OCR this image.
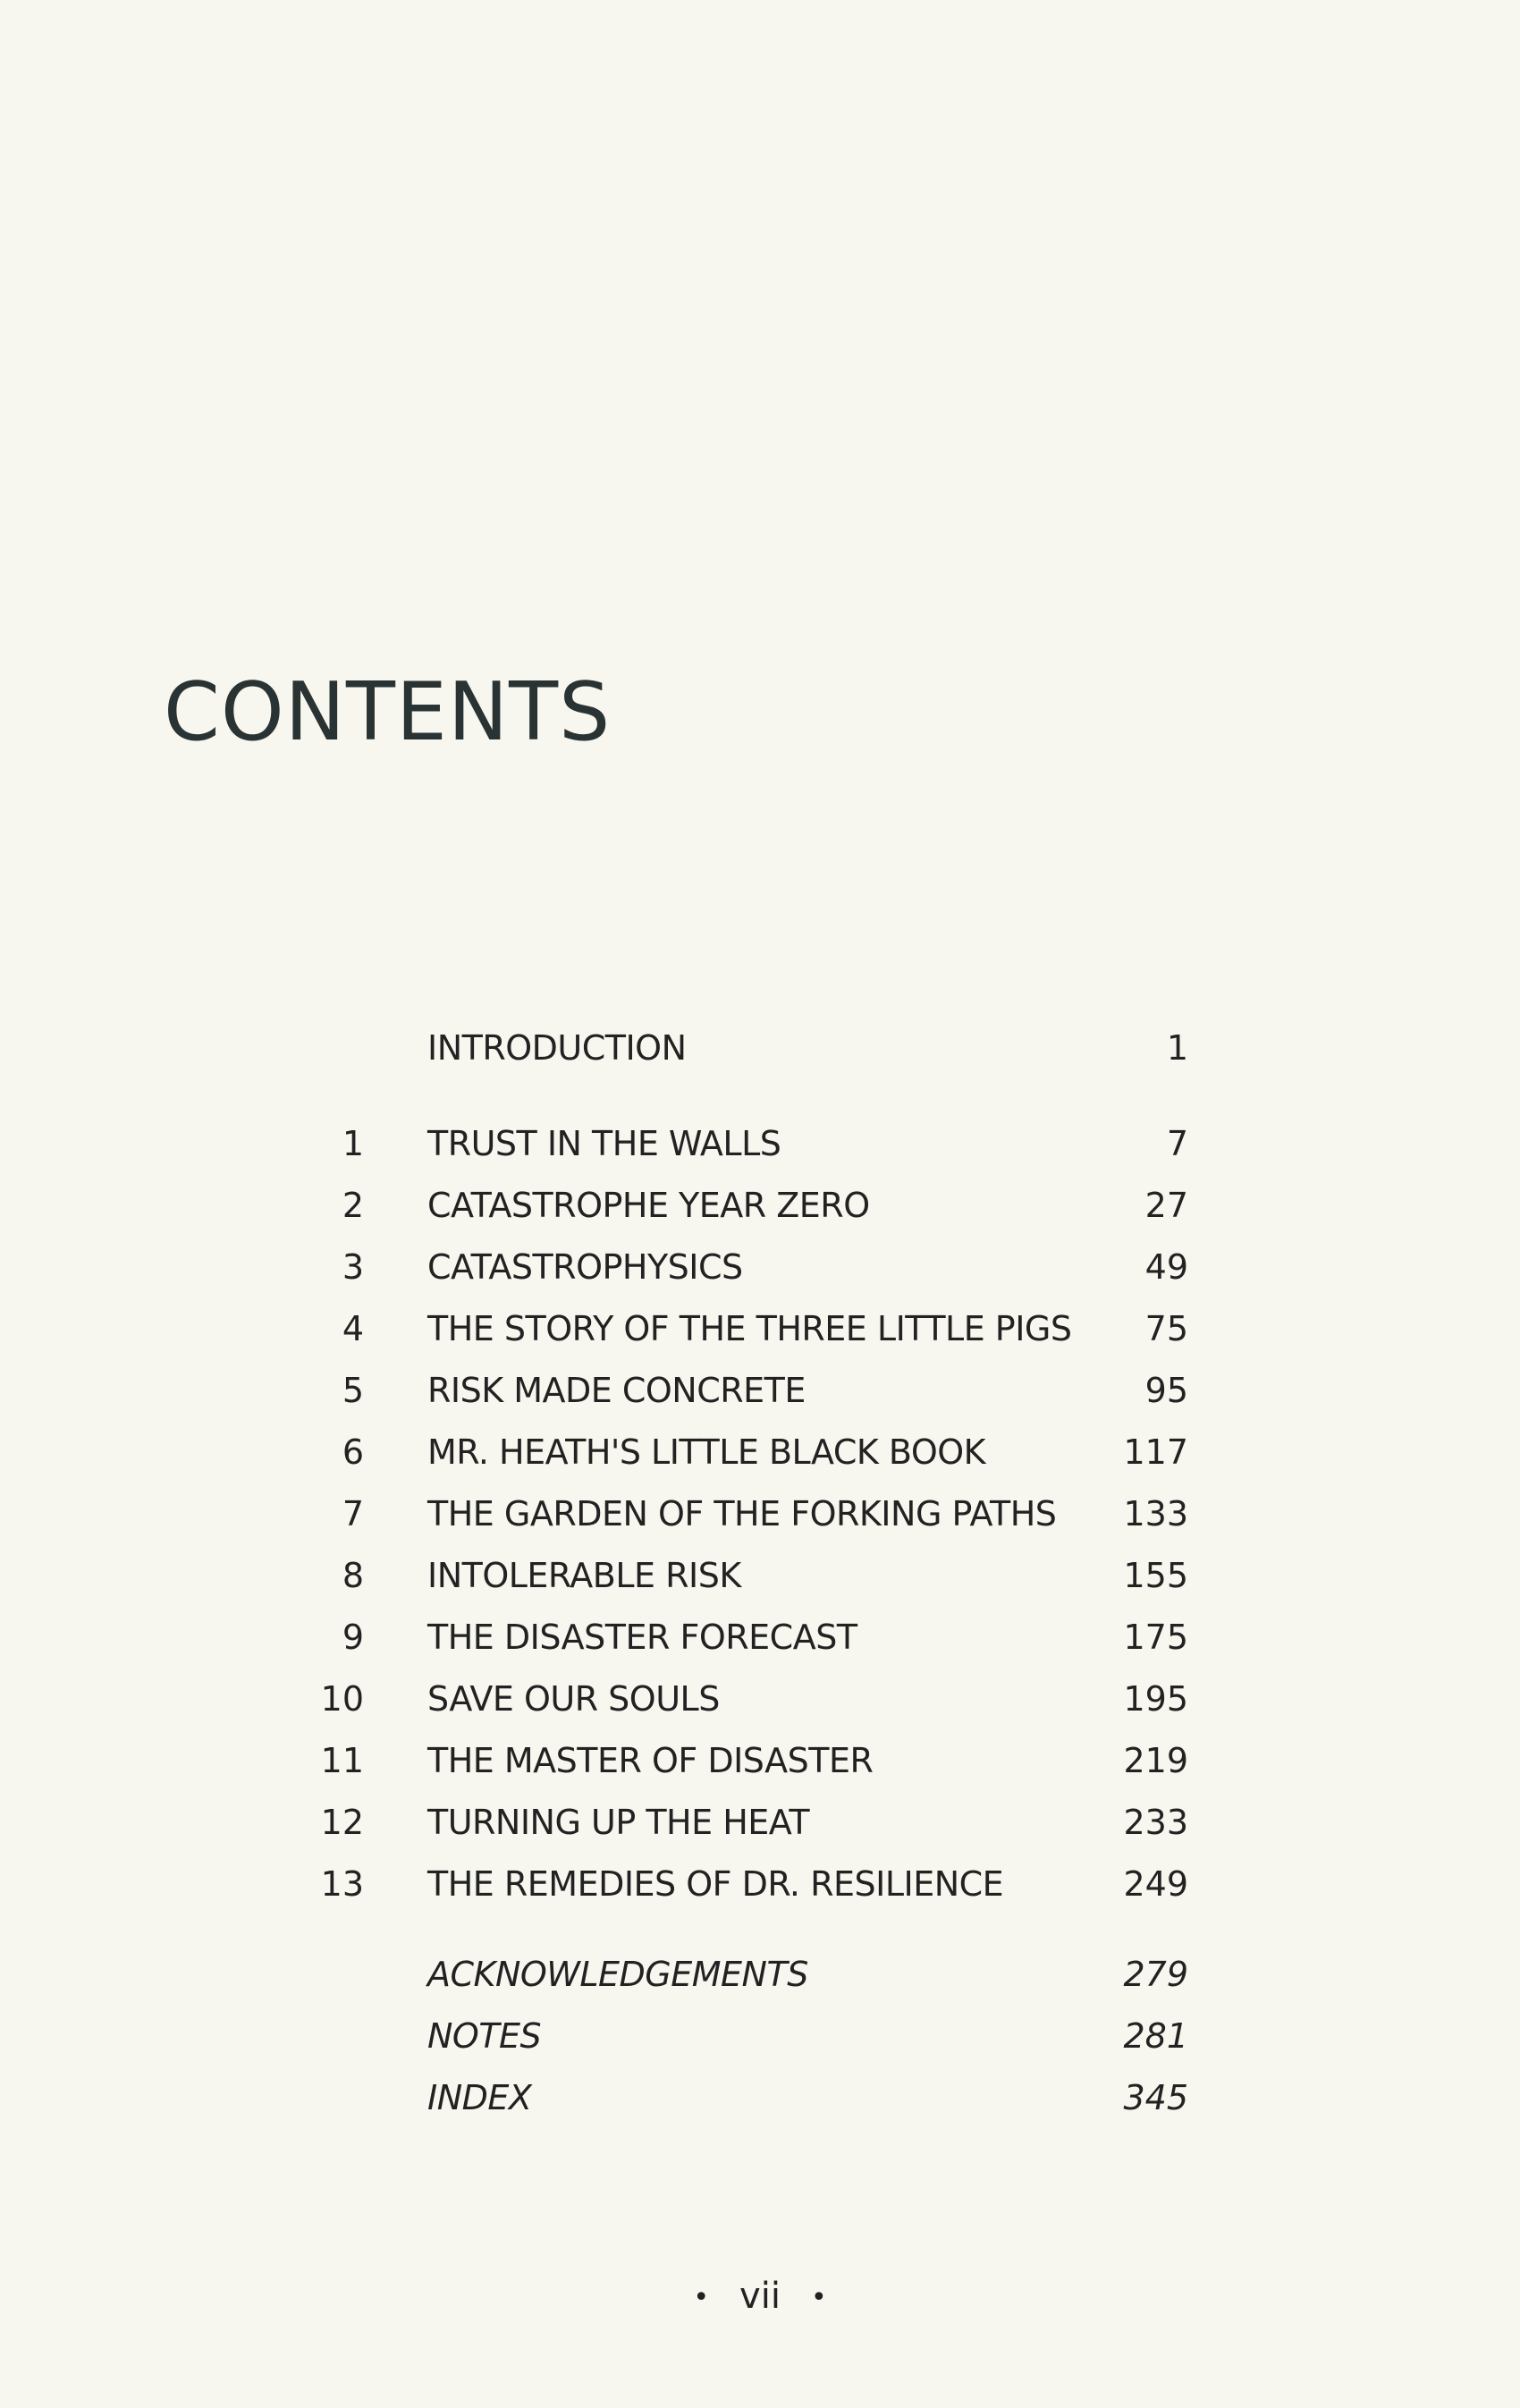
CONTENTS
INTRODUCTION	1
1 TRUST IN THE WALLS	7
2 CATASTROPHE YEAR ZERO	27
3 CATASTROPHYSICS	49
4 THE STORY OF THE THREE LITTLE PIGS 75
5 RISK MADE CONCRETE	95
6 MR. HEATH'S LITTLE BLACK BOOK	117
7 THE GARDEN OF THE FORKING PATHS 133
8 INTOLERABLE RISK	155
9 THE DISASTER FORECAST	175
10 SAVE OUR SOULS	195
11 THE MASTER OF DISASTER	219
12 TURNING UP THE HEAT	233
13 THE REMEDIES OF DR. RESILIENCE	249
ACKNOWLEDGEMENTS	279
NOTES	281
INDEX	345
• vii •
